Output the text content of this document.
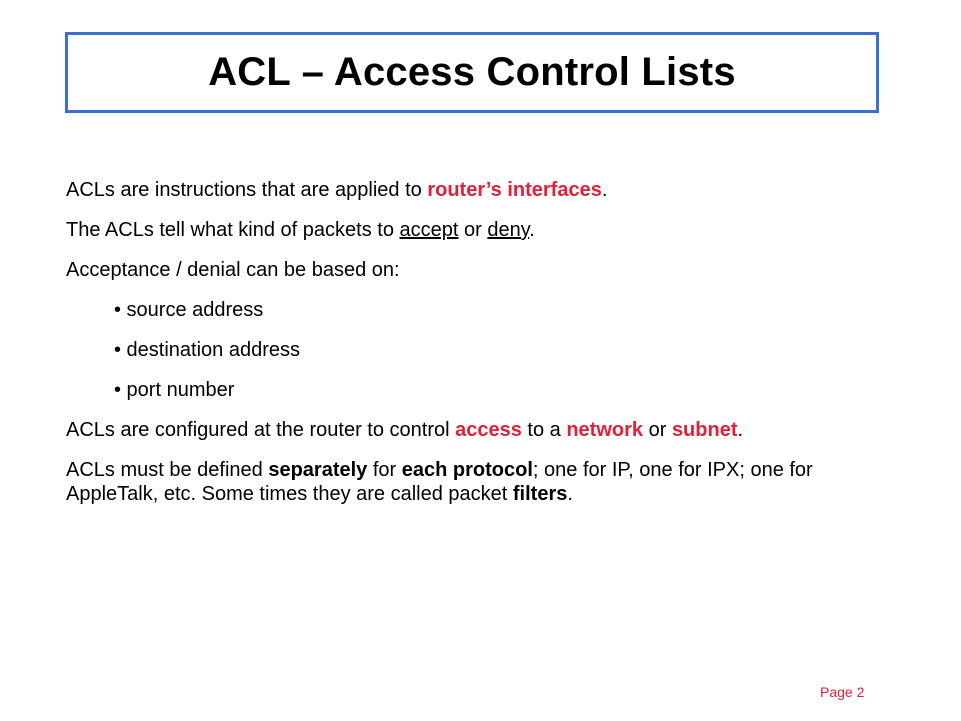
ACL – Access Control Lists

ACLs are instructions that are applied to router’s interfaces.

The ACLs tell what kind of packets to accept or deny.

Acceptance / denial can be based on:

• source address

• destination address

• port number

ACLs are configured at the router to control access to a network or subnet.

ACLs must be defined separately for each protocol; one for IP, one for IPX; one for AppleTalk, etc. Some times they are called packet filters.

Page 2
